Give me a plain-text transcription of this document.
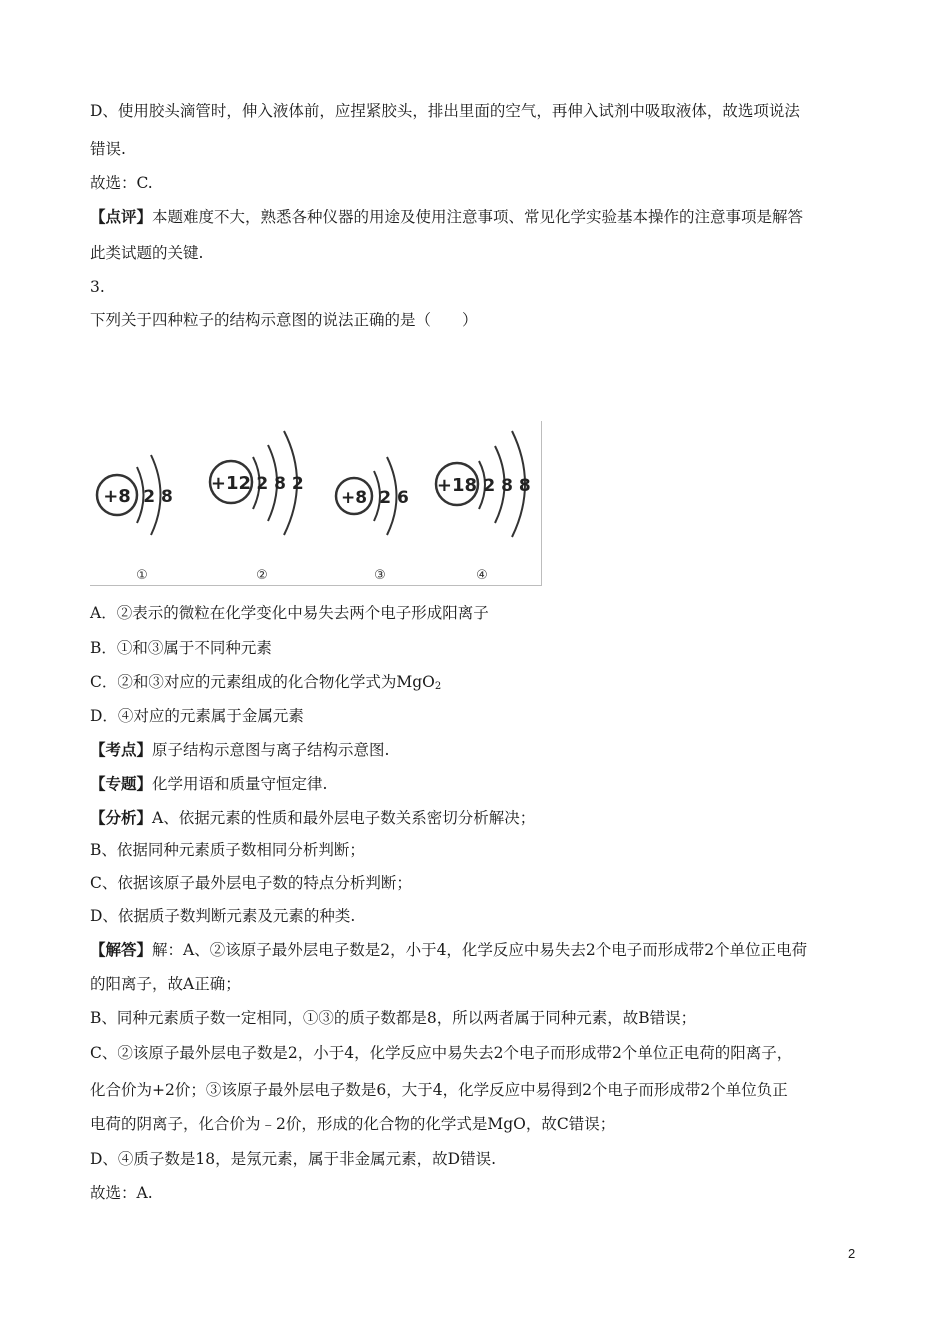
D、使用胶头滴管时，伸入液体前，应捏紧胶头，排出里面的空气，再伸入试剂中吸取液体，故选项说法
错误.
故选：C.
【点评】本题难度不大，熟悉各种仪器的用途及使用注意事项、常见化学实验基本操作的注意事项是解答
此类试题的关键.
3.
下列关于四种粒子的结构示意图的说法正确的是（　　）
+8 2 8
①
+12 2 8 2
②
+8 2 6
③
+18 2 8 8
④
A．②表示的微粒在化学变化中易失去两个电子形成阳离子
B．①和③属于不同种元素
C．②和③对应的元素组成的化合物化学式为MgO$_2$
D．④对应的元素属于金属元素
【考点】原子结构示意图与离子结构示意图.
【专题】化学用语和质量守恒定律.
【分析】A、依据元素的性质和最外层电子数关系密切分析解决；
B、依据同种元素质子数相同分析判断；
C、依据该原子最外层电子数的特点分析判断；
D、依据质子数判断元素及元素的种类.
【解答】解：A、②该原子最外层电子数是2，小于4，化学反应中易失去2个电子而形成带2个单位正电荷
的阳离子，故A正确；
B、同种元素质子数一定相同，①③的质子数都是8，所以两者属于同种元素，故B错误；
C、②该原子最外层电子数是2，小于4，化学反应中易失去2个电子而形成带2个单位正电荷的阳离子，
化合价为+2价；③该原子最外层电子数是6，大于4，化学反应中易得到2个电子而形成带2个单位负正
电荷的阴离子，化合价为﹣2价，形成的化合物的化学式是MgO，故C错误；
D、④质子数是18，是氖元素，属于非金属元素，故D错误.
故选：A.
2
